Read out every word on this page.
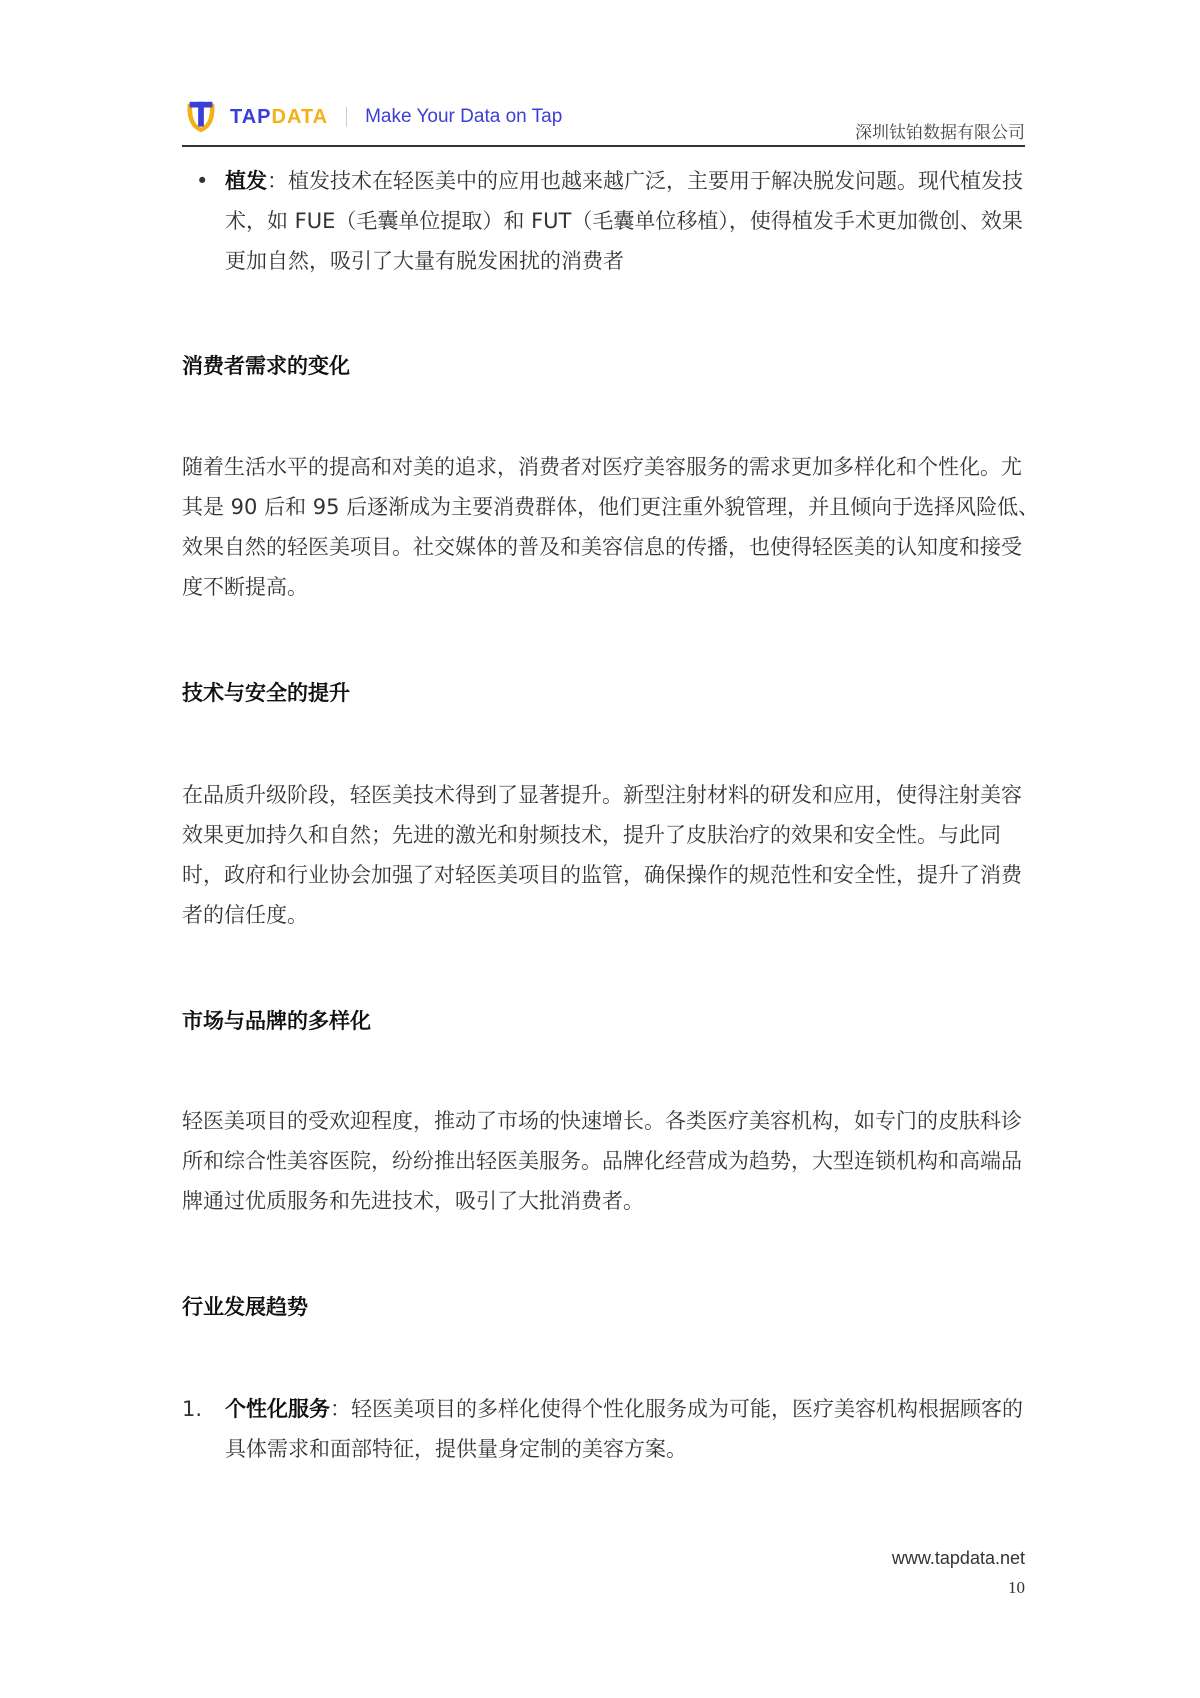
TAPDATA Make Your Data on Tap
深圳钛铂数据有限公司
• 植发：植发技术在轻医美中的应用也越来越广泛，主要用于解决脱发问题。现代植发技术，如 FUE（毛囊单位提取）和 FUT（毛囊单位移植），使得植发手术更加微创、效果更加自然，吸引了大量有脱发困扰的消费者
消费者需求的变化
随着生活水平的提高和对美的追求，消费者对医疗美容服务的需求更加多样化和个性化。尤其是 90 后和 95 后逐渐成为主要消费群体，他们更注重外貌管理，并且倾向于选择风险低、效果自然的轻医美项目。社交媒体的普及和美容信息的传播，也使得轻医美的认知度和接受度不断提高。
技术与安全的提升
在品质升级阶段，轻医美技术得到了显著提升。新型注射材料的研发和应用，使得注射美容效果更加持久和自然；先进的激光和射频技术，提升了皮肤治疗的效果和安全性。与此同时，政府和行业协会加强了对轻医美项目的监管，确保操作的规范性和安全性，提升了消费者的信任度。
市场与品牌的多样化
轻医美项目的受欢迎程度，推动了市场的快速增长。各类医疗美容机构，如专门的皮肤科诊所和综合性美容医院，纷纷推出轻医美服务。品牌化经营成为趋势，大型连锁机构和高端品牌通过优质服务和先进技术，吸引了大批消费者。
行业发展趋势
1. 个性化服务：轻医美项目的多样化使得个性化服务成为可能，医疗美容机构根据顾客的具体需求和面部特征，提供量身定制的美容方案。
www.tapdata.net
10
